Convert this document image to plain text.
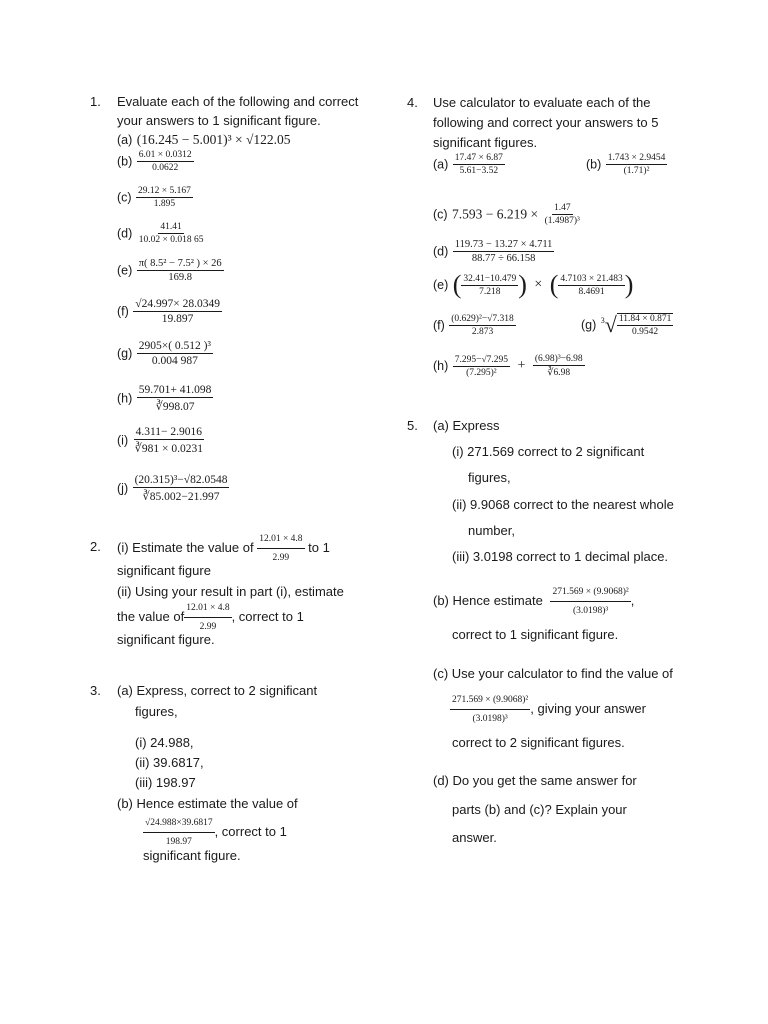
1. Evaluate each of the following and correct
your answers to 1 significant figure.
(a) (16.245 − 5.001)³ × √122.05
$(b) \frac{6.01 \times 0.0312}{0.0622}$
$(c) \frac{29.12 \times 5.167}{1.895}$
$(d) \frac{41.41}{10.02 \times 0.018 65}$
$(e) \frac{\text{π( 8.5² − 7.5² ) × 26}}{169.8}$
$(f) \frac{√24.997\times 28.0349}{19.897}$
$(g) \frac{\text{2905×( 0.512 )³}}{0.004 987}$
$(h) \frac{59.701+ 41.098}{∛998.07}$
$(i) \frac{4.311- 2.9016}{∛981 \times 0.0231}$
$(j) \frac{\text{(20.315)³−√82.0548}}{∛85.002-21.997}$
2. (i) Estimate the value of $\frac{12.01 \times 4.8}{2.99}$ to 1
significant figure
(ii) Using your result in part (i), estimate
the value of $\frac{12.01 \times 4.8}{2.99}$ , correct to 1
significant figure.
3. (a) Express, correct to 2 significant
figures,
(i) 24.988,
(ii) 39.6817,
(iii) 198.97
(b) Hence estimate the value of
$\frac{√24.988\times 39.6817}{198.97}$ , correct to 1
significant figure.
4. Use calculator to evaluate each of the
following and correct your answers to 5
significant figures.
$(a) \frac{17.47 \times 6.87}{5.61-3.52}$	$(b) \frac{1.743 \times 2.9454}{\text{(1.71)²}}$
(c) $7.593 - 6.219 \times \frac{1.47}{\text{(1.4987)³}}$
$(d) \frac{119.73 - 13.27 \times 4.711}{88.77 \div 66.158}$
(e) ( $\frac{32.41-10.479}{7.218}$ ) × ( $\frac{4.7103 \times 21.483}{8.4691}$ )
$(f) \frac{\text{(0.629)²−√7.318}}{2.873}$	(g) $^3√ \frac{11.84 \times 0.871}{0.9542}$
$(h) \frac{7.295-√7.295}{\text{(7.295)²}} + \frac{\text{(6.98)³−6.98}}{∛6.98}$
5. (a) Express
(i) 271.569 correct to 2 significant
figures,
(ii) 9.9068 correct to the nearest whole
number,
(iii) 3.0198 correct to 1 decimal place.
(b) Hence estimate $\frac{\text{271.569 × (9.9068)²}}{\text{(3.0198)³}}$ ,
correct to 1 significant figure.
(c) Use your calculator to find the value of
$\frac{\text{271.569 × (9.9068)²}}{\text{(3.0198)³}}$ , giving your answer
correct to 2 significant figures.
(d) Do you get the same answer for
parts (b) and (c)? Explain your
answer.
